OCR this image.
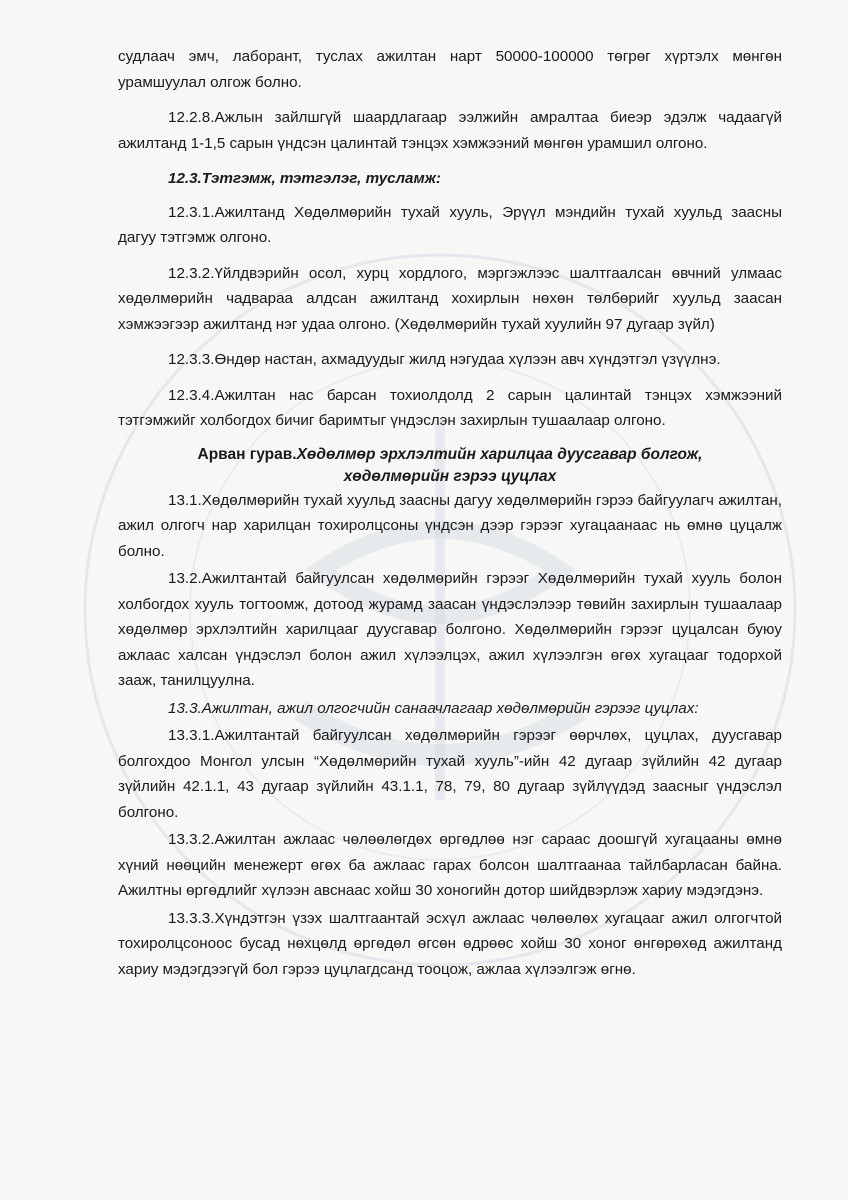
судлаач эмч, лаборант, туслах ажилтан нарт 50000-100000 төгрөг хүртэлх мөнгөн урамшуулал олгож болно.

12.2.8.Ажлын зайлшгүй шаардлагаар ээлжийн амралтаа биеэр эдэлж чадаагүй ажилтанд 1-1,5 сарын үндсэн цалинтай тэнцэх хэмжээний мөнгөн урамшил олгоно.

12.3.Тэтгэмж, тэтгэлэг, тусламж:

12.3.1.Ажилтанд Хөдөлмөрийн тухай хууль, Эрүүл мэндийн тухай хуульд заасны дагуу тэтгэмж олгоно.

12.3.2.Үйлдвэрийн осол, хурц хордлого, мэргэжлээс шалтгаалсан өвчний улмаас хөдөлмөрийн чадвараа алдсан ажилтанд хохирлын нөхөн төлбөрийг хуульд заасан хэмжээгээр ажилтанд нэг удаа олгоно. (Хөдөлмөрийн тухай хуулийн 97 дугаар зүйл)

12.3.3.Өндөр настан, ахмадуудыг жилд нэгудаа хүлээн авч хүндэтгэл үзүүлнэ.

12.3.4.Ажилтан нас барсан тохиолдолд 2 сарын цалинтай тэнцэх хэмжээний тэтгэмжийг холбогдох бичиг баримтыг үндэслэн захирлын тушаалаар олгоно.

Арван гурав.Хөдөлмөр эрхлэлтийн харилцаа дуусгавар болгож,
хөдөлмөрийн гэрээ цуцлах

13.1.Хөдөлмөрийн тухай хуульд заасны дагуу хөдөлмөрийн гэрээ байгуулагч ажилтан, ажил олгогч нар харилцан тохиролцсоны үндсэн дээр гэрээг хугацаанаас нь өмнө цуцалж болно.

13.2.Ажилтантай байгуулсан хөдөлмөрийн гэрээг Хөдөлмөрийн тухай хууль болон холбогдох хууль тогтоомж, дотоод журамд заасан үндэслэлээр төвийн захирлын тушаалаар хөдөлмөр эрхлэлтийн харилцааг дуусгавар болгоно. Хөдөлмөрийн гэрээг цуцалсан буюу ажлаас халсан үндэслэл болон ажил хүлээлцэх, ажил хүлээлгэн өгөх хугацааг тодорхой заaж, танилцуулна.

13.3.Ажилтан, ажил олгогчийн санаачлагаар хөдөлмөрийн гэрээг цуцлах:

13.3.1.Ажилтантай байгуулсан хөдөлмөрийн гэрээг өөрчлөх, цуцлах, дуусгавар болгохдоо Монгол улсын “Хөдөлмөрийн тухай хууль”-ийн 42 дугаар зүйлийн 42 дугаар зүйлийн 42.1.1, 43 дугаар зүйлийн 43.1.1, 78, 79, 80 дугаар зүйлүүдэд заасныг үндэслэл болгоно.

13.3.2.Ажилтан ажлаас чөлөөлөгдөх өргөдлөө нэг сараас доошгүй хугацааны өмнө хүний нөөцийн менежерт өгөх ба ажлаас гарах болсон шалтгаанаа тайлбарласан байна. Ажилтны өргөдлийг хүлээн авснаас хойш 30 хоногийн дотор шийдвэрлэж хариу мэдэгдэнэ.

13.3.3.Хүндэтгэн үзэх шалтгаантай эсхүл ажлаас чөлөөлөх хугацааг ажил олгогчтой тохиролцсоноос бусад нөхцөлд өргөдөл өгсөн өдрөөс хойш 30 хоног өнгөрөхөд ажилтанд хариу мэдэгдээгүй бол гэрээ цуцлагдсанд тооцож, ажлаа хүлээлгэж өгнө.
